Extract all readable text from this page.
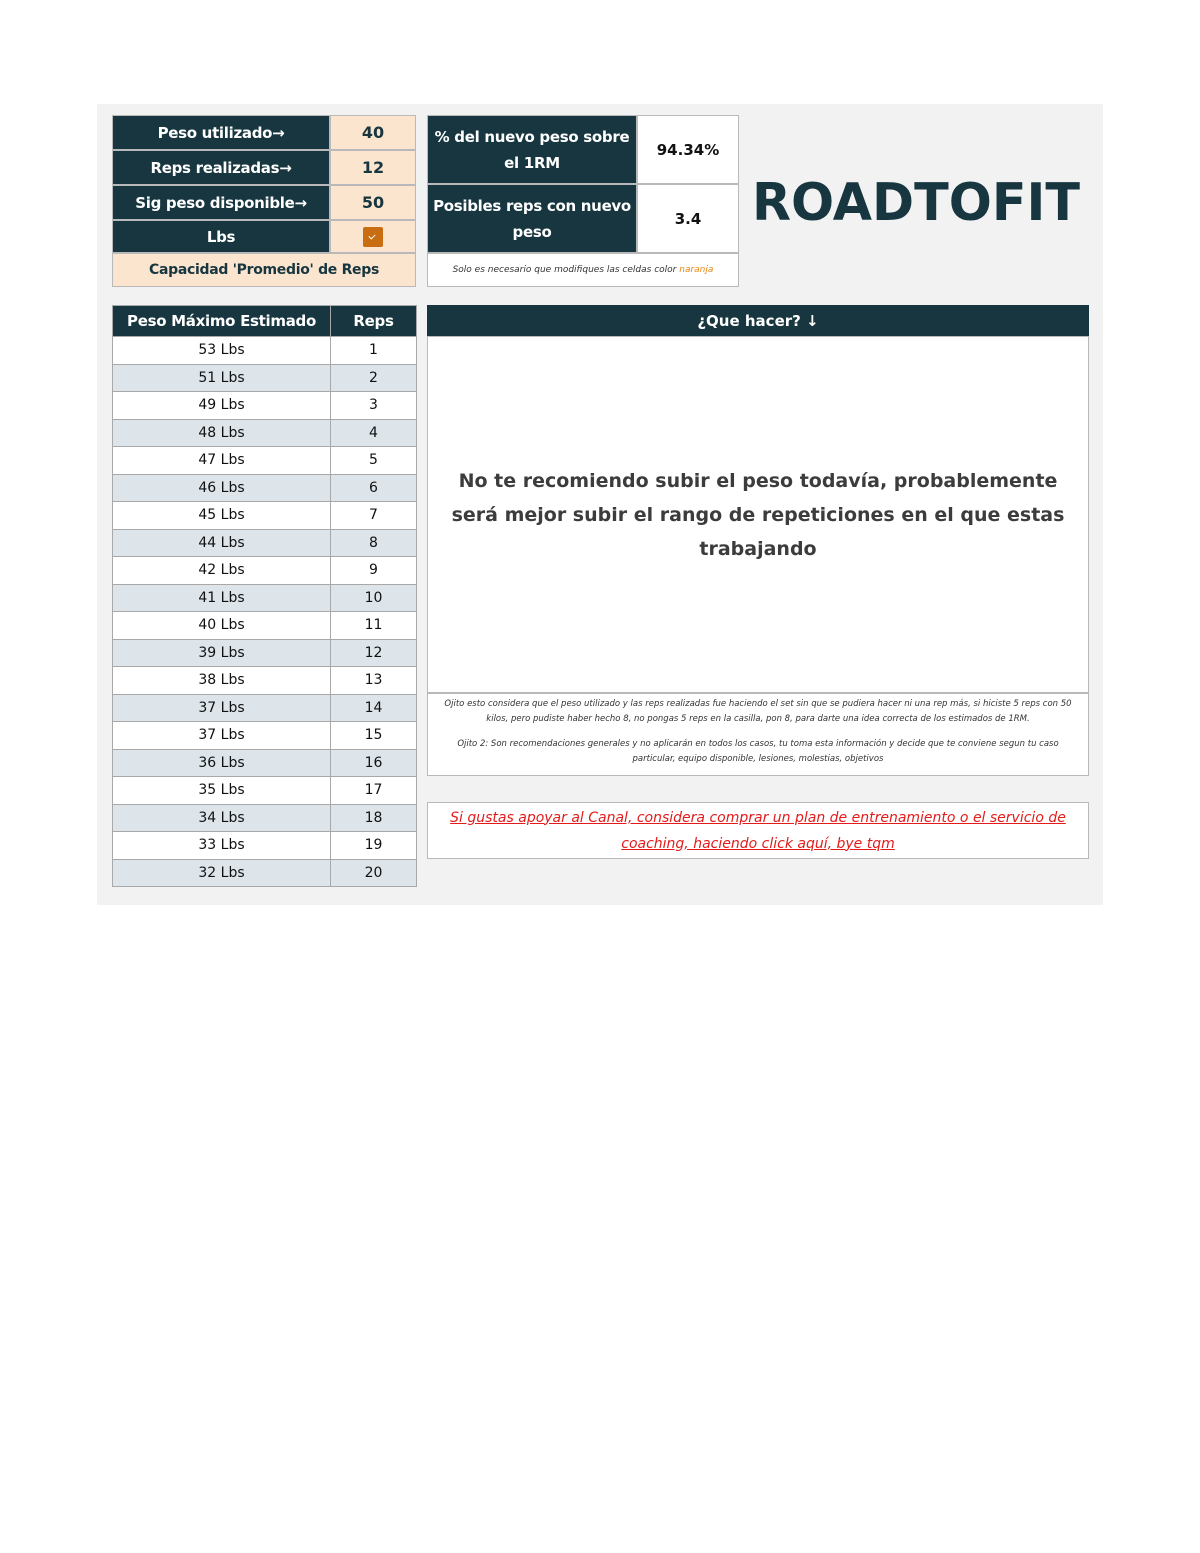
Peso utilizado→	40
Reps realizadas→	12
Sig peso disponible→	50
Lbs
Capacidad 'Promedio' de Reps
% del nuevo peso sobre el 1RM
94.34%
Posibles reps con nuevo peso
3.4
Solo es necesario que modifiques las celdas color
naranja
ROADTOFIT
Peso Máximo Estimado	Reps
53 Lbs	1
51 Lbs	2
49 Lbs	3
48 Lbs	4
47 Lbs	5
46 Lbs	6
45 Lbs	7
44 Lbs	8
42 Lbs	9
41 Lbs	10
40 Lbs	11
39 Lbs	12
38 Lbs	13
37 Lbs	14
37 Lbs	15
36 Lbs	16
35 Lbs	17
34 Lbs	18
33 Lbs	19
32 Lbs	20
¿Que hacer? ↓
No te recomiendo subir el peso todavía, probablemente será mejor subir el rango de repeticiones en el que estas trabajando
Ojito esto considera que el peso utilizado y las reps realizadas fue haciendo el set sin que se pudiera hacer ni una rep más, si hiciste 5 reps con 50 kilos, pero pudiste haber hecho 8, no pongas 5 reps en la casilla, pon 8, para darte una idea correcta de los estimados de 1RM.
Ojito 2: Son recomendaciones generales y no aplicarán en todos los casos, tu toma esta información y decide que te conviene segun tu caso particular, equipo disponible, lesiones, molestias, objetivos
Si gustas apoyar al Canal, considera comprar un plan de entrenamiento o el servicio de coaching, haciendo click aquí, bye tqm
